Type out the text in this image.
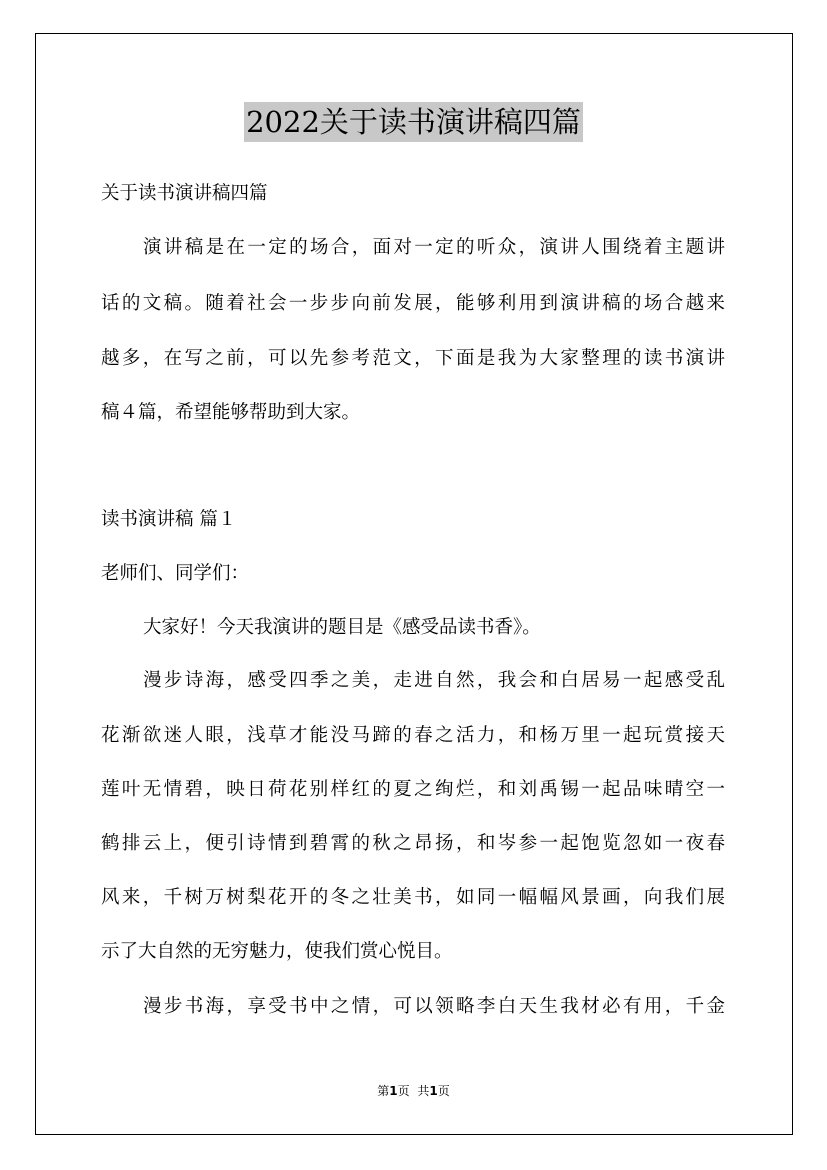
2022关于读书演讲稿四篇
关于读书演讲稿四篇
演讲稿是在一定的场合，面对一定的听众，演讲人围绕着主题讲
话的文稿。随着社会一步步向前发展，能够利用到演讲稿的场合越来
越多，在写之前，可以先参考范文，下面是我为大家整理的读书演讲
稿４篇，希望能够帮助到大家。
读书演讲稿 篇１
老师们、同学们：
大家好！今天我演讲的题目是《感受品读书香》。
漫步诗海，感受四季之美，走进自然，我会和白居易一起感受乱
花渐欲迷人眼，浅草才能没马蹄的春之活力，和杨万里一起玩赏接天
莲叶无情碧，映日荷花别样红的夏之绚烂，和刘禹锡一起品味晴空一
鹤排云上，便引诗情到碧霄的秋之昂扬，和岑参一起饱览忽如一夜春
风来，千树万树梨花开的冬之壮美书，如同一幅幅风景画，向我们展
示了大自然的无穷魅力，使我们赏心悦目。
漫步书海，享受书中之情，可以领略李白天生我材必有用，千金
第1页 共1页
